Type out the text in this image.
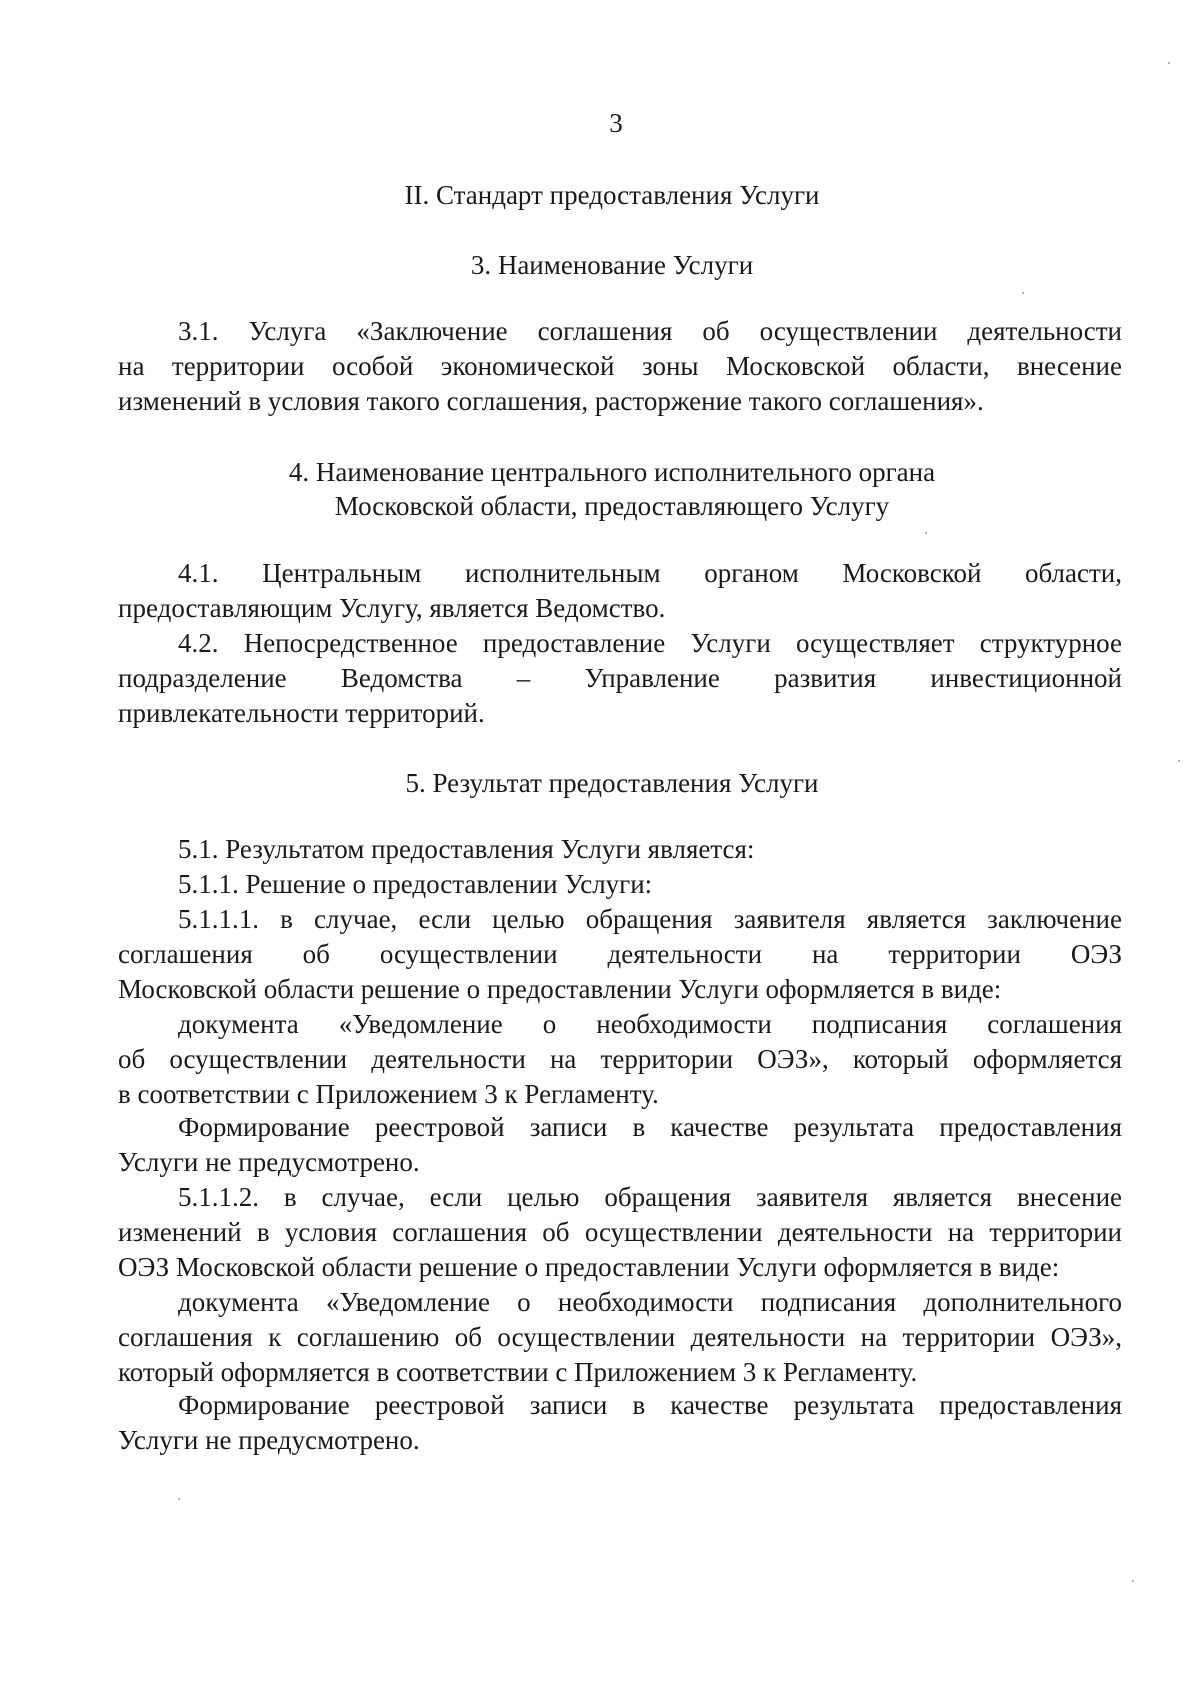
3
II. Стандарт предоставления Услуги
3. Наименование Услуги
3.1. Услуга «Заключение соглашения об осуществлении деятельности
на территории особой экономической зоны Московской области, внесение
изменений в условия такого соглашения, расторжение такого соглашения».
4. Наименование центрального исполнительного органа
Московской области, предоставляющего Услугу
4.1. Центральным исполнительным органом Московской области,
предоставляющим Услугу, является Ведомство.
4.2. Непосредственное предоставление Услуги осуществляет структурное
подразделение Ведомства – Управление развития инвестиционной
привлекательности территорий.
5. Результат предоставления Услуги
5.1. Результатом предоставления Услуги является:
5.1.1. Решение о предоставлении Услуги:
5.1.1.1. в случае, если целью обращения заявителя является заключение
соглашения об осуществлении деятельности на территории ОЭЗ
Московской области решение о предоставлении Услуги оформляется в виде:
документа «Уведомление о необходимости подписания соглашения
об осуществлении деятельности на территории ОЭЗ», который оформляется
в соответствии с Приложением 3 к Регламенту.
Формирование реестровой записи в качестве результата предоставления
Услуги не предусмотрено.
5.1.1.2. в случае, если целью обращения заявителя является внесение
изменений в условия соглашения об осуществлении деятельности на территории
ОЭЗ Московской области решение о предоставлении Услуги оформляется в виде:
документа «Уведомление о необходимости подписания дополнительного
соглашения к соглашению об осуществлении деятельности на территории ОЭЗ»,
который оформляется в соответствии с Приложением 3 к Регламенту.
Формирование реестровой записи в качестве результата предоставления
Услуги не предусмотрено.
